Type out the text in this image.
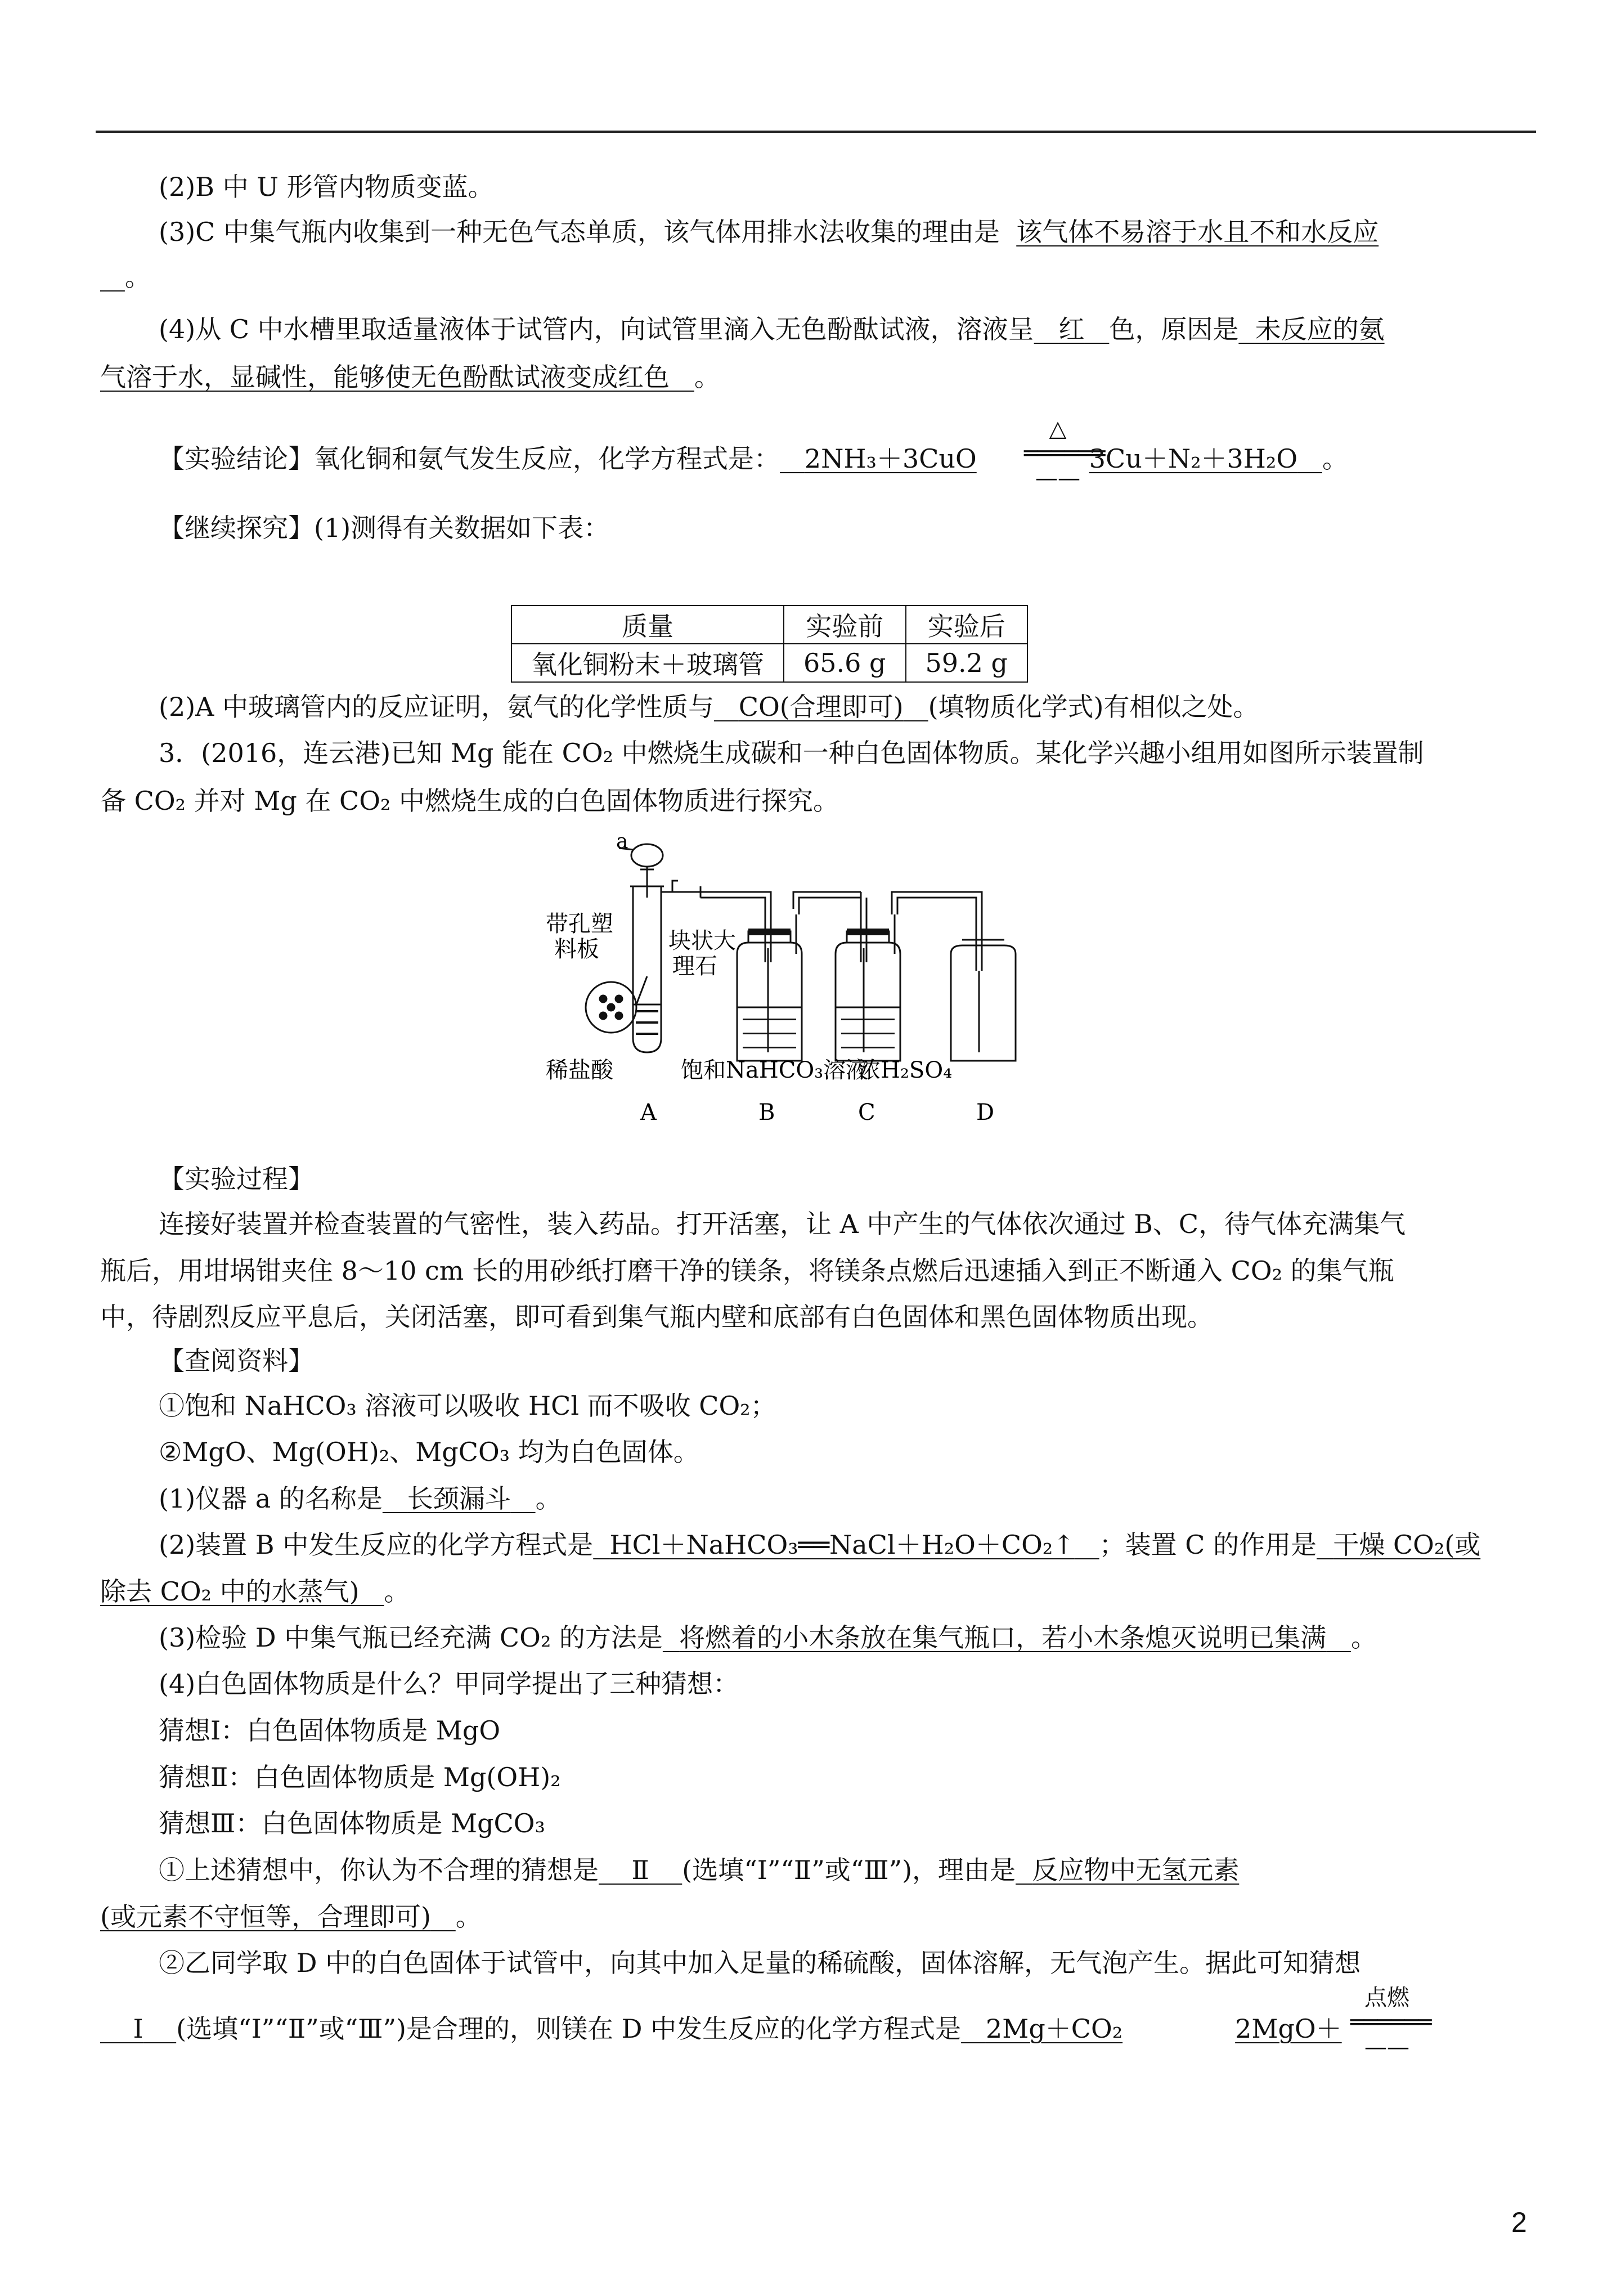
(2)B 中 U 形管内物质变蓝。
(3)C 中集气瓶内收集到一种无色气态单质，该气体用排水法收集的理由是 该气体不易溶于水且不和水反应
。
(4)从 C 中水槽里取适量液体于试管内，向试管里滴入无色酚酞试液，溶液呈 红 色，原因是 未反应的氨
气溶于水，显碱性，能够使无色酚酞试液变成红色 。
【实验结论】氧化铜和氨气发生反应，化学方程式是： 2NH₃＋3CuO	3Cu＋N₂＋3H₂O 。
△
══════
——
【继续探究】(1)测得有关数据如下表：
质量	实验前	实验后
氧化铜粉末＋玻璃管	65.6 g	59.2 g
(2)A 中玻璃管内的反应证明，氨气的化学性质与 CO(合理即可) (填物质化学式)有相似之处。
3．(2016，连云港)已知 Mg 能在 CO₂ 中燃烧生成碳和一种白色固体物质。某化学兴趣小组用如图所示装置制
备 CO₂ 并对 Mg 在 CO₂ 中燃烧生成的白色固体物质进行探究。
a
带孔塑
料板	块状大
理石
稀盐酸	饱和NaHCO₃溶液
浓H₂SO₄
A	B	C	D
【实验过程】
连接好装置并检查装置的气密性，装入药品。打开活塞，让 A 中产生的气体依次通过 B、C，待气体充满集气
瓶后，用坩埚钳夹住 8～10 cm 长的用砂纸打磨干净的镁条，将镁条点燃后迅速插入到正不断通入 CO₂ 的集气瓶
中，待剧烈反应平息后，关闭活塞，即可看到集气瓶内壁和底部有白色固体和黑色固体物质出现。
【查阅资料】
①饱和 NaHCO₃ 溶液可以吸收 HCl 而不吸收 CO₂；
②MgO、Mg(OH)₂、MgCO₃ 均为白色固体。
(1)仪器 a 的名称是 长颈漏斗 。
(2)装置 B 中发生反应的化学方程式是 HCl＋NaHCO₃══NaCl＋H₂O＋CO₂↑ ；装置 C 的作用是 干燥 CO₂(或
除去 CO₂ 中的水蒸气) 。
(3)检验 D 中集气瓶已经充满 CO₂ 的方法是 将燃着的小木条放在集气瓶口，若小木条熄灭说明已集满 。
(4)白色固体物质是什么？甲同学提出了三种猜想：
猜想Ⅰ：白色固体物质是 MgO
猜想Ⅱ：白色固体物质是 Mg(OH)₂
猜想Ⅲ：白色固体物质是 MgCO₃
①上述猜想中，你认为不合理的猜想是 Ⅱ (选填“Ⅰ”“Ⅱ”或“Ⅲ”)，理由是 反应物中无氢元素
(或元素不守恒等，合理即可) 。
②乙同学取 D 中的白色固体于试管中，向其中加入足量的稀硫酸，固体溶解，无气泡产生。据此可知猜想
Ⅰ (选填“Ⅰ”“Ⅱ”或“Ⅲ”)是合理的，则镁在 D 中发生反应的化学方程式是 2Mg＋CO₂	2MgO＋
点燃
══════
——
2
